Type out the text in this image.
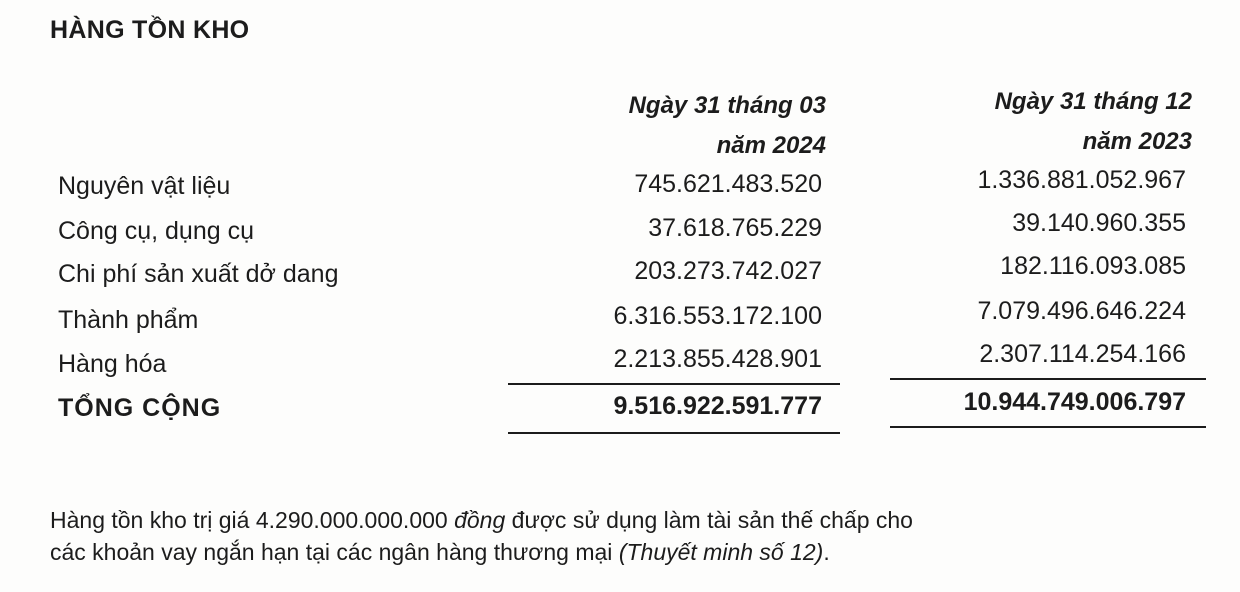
HÀNG TỒN KHO
Ngày 31 tháng 03
năm 2024
Ngày 31 tháng 12
năm 2023
Nguyên vật liệu	745.621.483.520	1.336.881.052.967
Công cụ, dụng cụ	37.618.765.229	39.140.960.355
Chi phí sản xuất dở dang	203.273.742.027	182.116.093.085
Thành phẩm	6.316.553.172.100	7.079.496.646.224
Hàng hóa	2.213.855.428.901	2.307.114.254.166
TỔNG CỘNG	9.516.922.591.777	10.944.749.006.797
Hàng tồn kho trị giá 4.290.000.000.000 đồng được sử dụng làm tài sản thế chấp cho
các khoản vay ngắn hạn tại các ngân hàng thương mại (Thuyết minh số 12).
